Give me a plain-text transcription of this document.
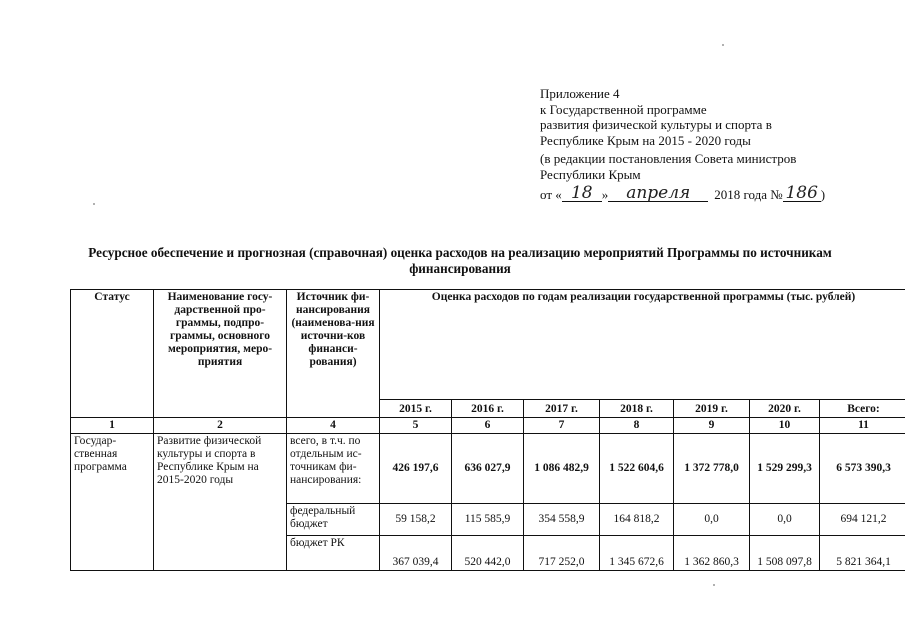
Приложение 4
к Государственной программе
развития физической культуры и спорта в
Республике Крым на 2015 - 2020 годы
(в редакции постановления Совета министров
Республики Крым
от « 18 »	апреля	2018 года № 186 )
Ресурсное обеспечение и прогнозная (справочная) оценка расходов на реализацию мероприятий Программы по источникам финансирования
Статус	Наименование госу-дарственной про-граммы, подпро-граммы, основного мероприятия, меро-приятия	Источник фи-нансирования (наименова-ния источни-ков финанси-рования)	Оценка расходов по годам реализации государственной программы (тыс. рублей)						
			2015 г.	2016 г.	2017 г.	2018 г.	2019 г.	2020 г.	Всего:
1	2	4	5	6	7	8	9	10	11
Государ-ственная программа	Развитие физической культуры и спорта в Республике Крым на 2015-2020 годы	всего, в т.ч. по отдельным ис-точникам фи-нансирования:	426 197,6	636 027,9	1 086 482,9	1 522 604,6	1 372 778,0	1 529 299,3	6 573 390,3
		федеральный бюджет	59 158,2	115 585,9	354 558,9	164 818,2	0,0	0,0	694 121,2
		бюджет РК	367 039,4	520 442,0	717 252,0	1 345 672,6	1 362 860,3	1 508 097,8	5 821 364,1
